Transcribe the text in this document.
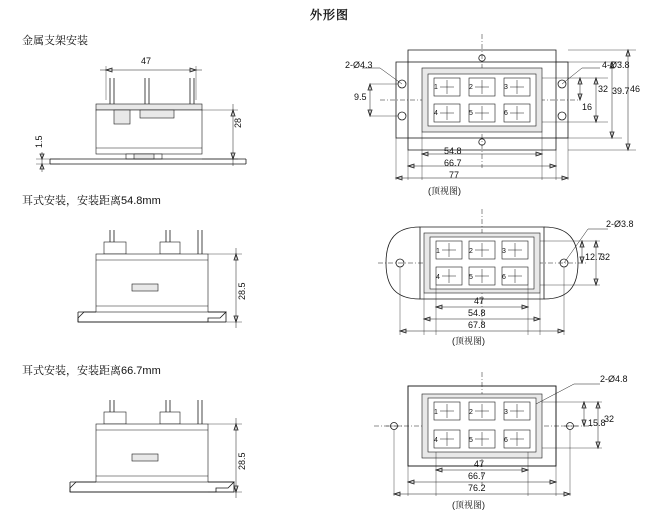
外形图
金属支架安装
47
28
1.5
耳式安装，安装距离54.8mm
28.5
耳式安装，安装距离66.7mm
28.5
2-Ø4.3	4-Ø3.8
9.5
16
32 39.7 46
54.8
66.7
77
(顶视图)
2-Ø3.8
12.7
32
47
54.8
67.8
(顶视图)
2-Ø4.8
15.8
32
47
66.7
76.2
(顶视图)
1	2	3
4	5	6
1	2	3
4	5	6
1	2	3
4	5	6
